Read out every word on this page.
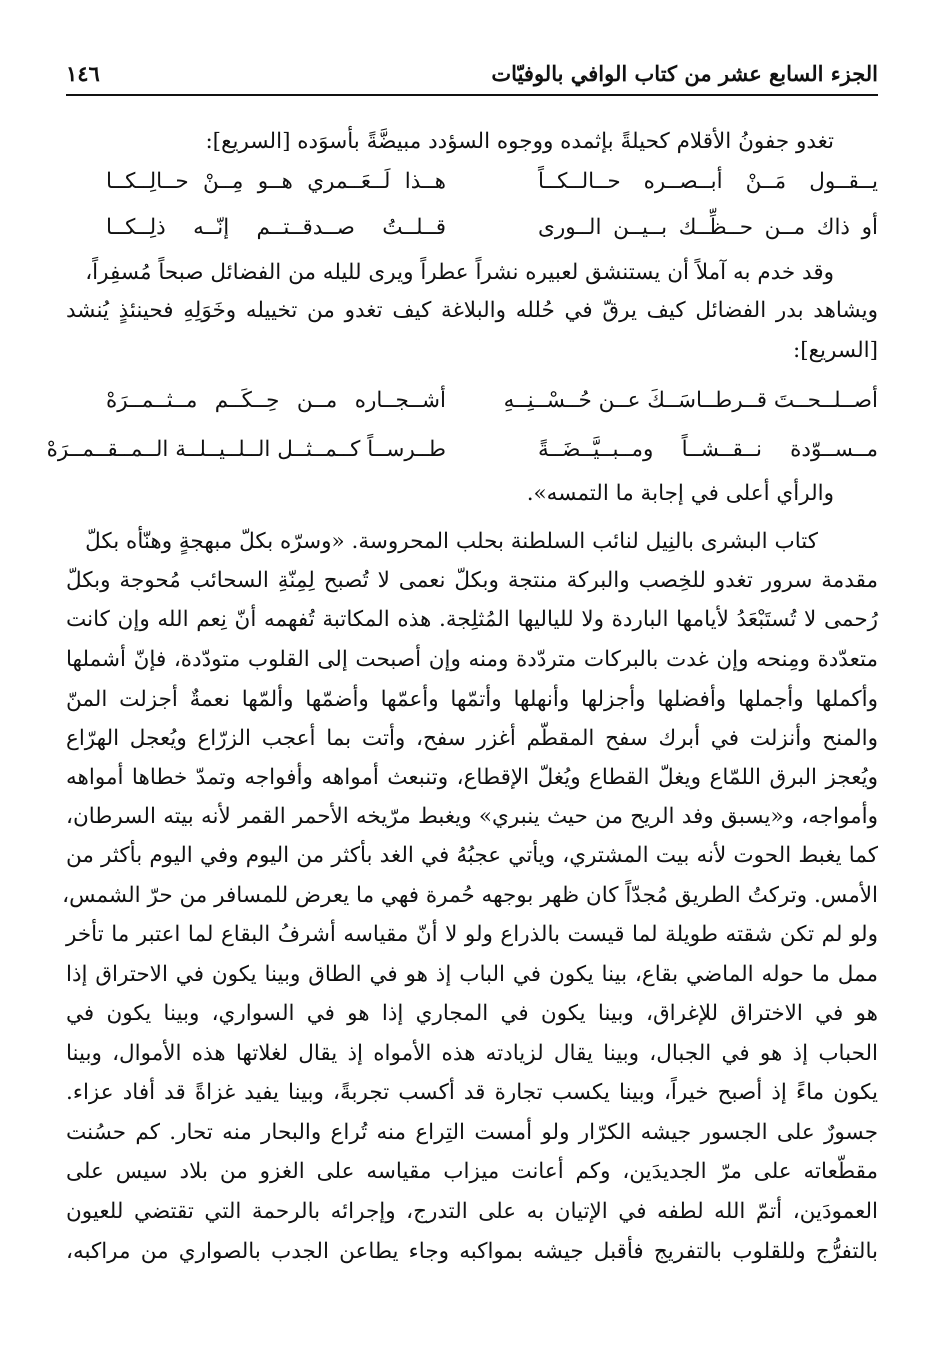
الجزء السابع عشر من كتاب الوافي بالوفيّات
١٤٦
تغدو جفونُ الأقلام كحيلةً بإثمده ووجوه السؤدد مبيضَّةً بأسوَده [السريع]:
يــقــول مَــنْ أبــصــره حــالــكــاً
هــذا لَــعَــمري هــو مِــنْ حــالِــكــا
أو ذاك مــن حــظِّــك بــيــن الــورى
قــلــتُ صــدقــتــم إنّــه ذلِــكــا
وقد خدم به آملاً أن يستنشق لعبيره نشراً عطراً ويرى لليله من الفضائل صبحاً مُسفِراً،
ويشاهد بدر الفضائل كيف يرقّ في حُلله والبلاغة كيف تغدو من تخييله وخَوَلِهِ فحينئذٍ يُنشد
[السريع]:
أصــلــحــتَ قــرطــاسَــكَ عــن حُــسْــنِــهِ
أشــجــاره مــن حِــكَــم مــثــمــرَهْ
مــســوّدة نــقــشــاً ومــبــيَّــضَــةً
طــرســاً كــمــثــل الــلــيــلــة الــمــقــمــرَهْ
والرأي أعلى في إجابة ما التمسه».
كتاب البشرى بالنِيل لنائب السلطنة بحلب المحروسة. «وسرّه بكلّ مبهجةٍ وهنّأه بكلّ
مقدمة سرور تغدو للخِصب والبركة منتجة وبكلّ نعمى لا تُصبح لِمِنّةِ السحائب مُحوجة وبكلّ
رُحمى لا تُستَبْعَدُ لأيامها الباردة ولا للياليها المُثلِجة. هذه المكاتبة تُفهمه أنّ نِعم الله وإن كانت
متعدّدة ومِنحه وإن غدت بالبركات متردّدة ومنه وإن أصبحت إلى القلوب متودّدة، فإنّ أشملها
وأكملها وأجملها وأفضلها وأجزلها وأنهلها وأتمّها وأعمّها وأضمّها وألمّها نعمةٌ أجزلت المنّ
والمنح وأنزلت في أبرك سفح المقطّم أغزر سفح، وأتت بما أعجب الزرّاع ويُعجل الهرّاع
ويُعجز البرق اللمّاع ويغلّ القطاع ويُغلّ الإقطاع، وتنبعث أمواهه وأفواجه وتمدّ خطاها أمواهه
وأمواجه، و«يسبق وفد الريح من حيث ينبري» ويغبط مرّيخه الأحمر القمر لأنه بيته السرطان،
كما يغبط الحوت لأنه بيت المشتري، ويأتي عجبُهُ في الغد بأكثر من اليوم وفي اليوم بأكثر من
الأمس. وتركتُ الطريق مُجدّاً كان ظهر بوجهه حُمرة فهي ما يعرض للمسافر من حرّ الشمس،
ولو لم تكن شقته طويلة لما قيست بالذراع ولو لا أنّ مقياسه أشرفُ البقاع لما اعتبر ما تأخر
ممل ما حوله الماضي بقاع، بينا يكون في الباب إذ هو في الطاق وبينا يكون في الاحتراق إذا
هو في الاختراق للإغراق، وبينا يكون في المجاري إذا هو في السواري، وبينا يكون في
الحباب إذ هو في الجبال، وبينا يقال لزيادته هذه الأمواه إذ يقال لغلاتها هذه الأموال، وبينا
يكون ماءً إذ أصبح خيراً، وبينا يكسب تجارة قد أكسب تجربةً، وبينا يفيد غزاةً قد أفاد عزاء.
جسورٌ على الجسور جيشه الكرّار ولو أمست التِراع منه تُراع والبحار منه تحار. كم حسُنت
مقطّعاته على مرّ الجديدَين، وكم أعانت ميزاب مقياسه على الغزو من بلاد سيس على
العمودَين، أتمّ الله لطفه في الإتيان به على التدرج، وإجرائه بالرحمة التي تقتضي للعيون
بالتفرُّج وللقلوب بالتفريج فأقبل جيشه بمواكبه وجاء يطاعن الجدب بالصواري من مراكبه،
